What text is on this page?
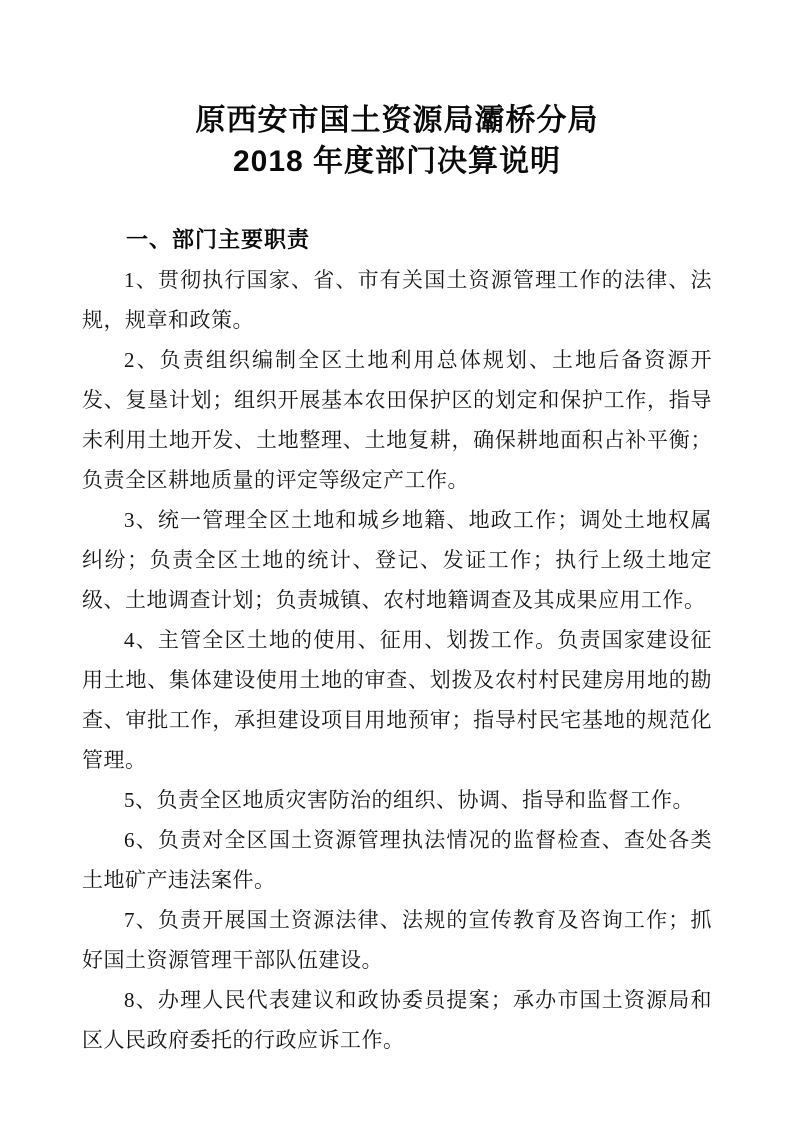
原西安市国土资源局灞桥分局
2018 年度部门决算说明
一、部门主要职责

1、贯彻执行国家、省、市有关国土资源管理工作的法律、法规，规章和政策。

2、负责组织编制全区土地利用总体规划、土地后备资源开发、复垦计划；组织开展基本农田保护区的划定和保护工作，指导未利用土地开发、土地整理、土地复耕，确保耕地面积占补平衡；负责全区耕地质量的评定等级定产工作。

3、统一管理全区土地和城乡地籍、地政工作；调处土地权属纠纷；负责全区土地的统计、登记、发证工作；执行上级土地定级、土地调查计划；负责城镇、农村地籍调查及其成果应用工作。

4、主管全区土地的使用、征用、划拨工作。负责国家建设征用土地、集体建设使用土地的审查、划拨及农村村民建房用地的勘查、审批工作，承担建设项目用地预审；指导村民宅基地的规范化管理。

5、负责全区地质灾害防治的组织、协调、指导和监督工作。

6、负责对全区国土资源管理执法情况的监督检查、查处各类土地矿产违法案件。

7、负责开展国土资源法律、法规的宣传教育及咨询工作；抓好国土资源管理干部队伍建设。

8、办理人民代表建议和政协委员提案；承办市国土资源局和区人民政府委托的行政应诉工作。
